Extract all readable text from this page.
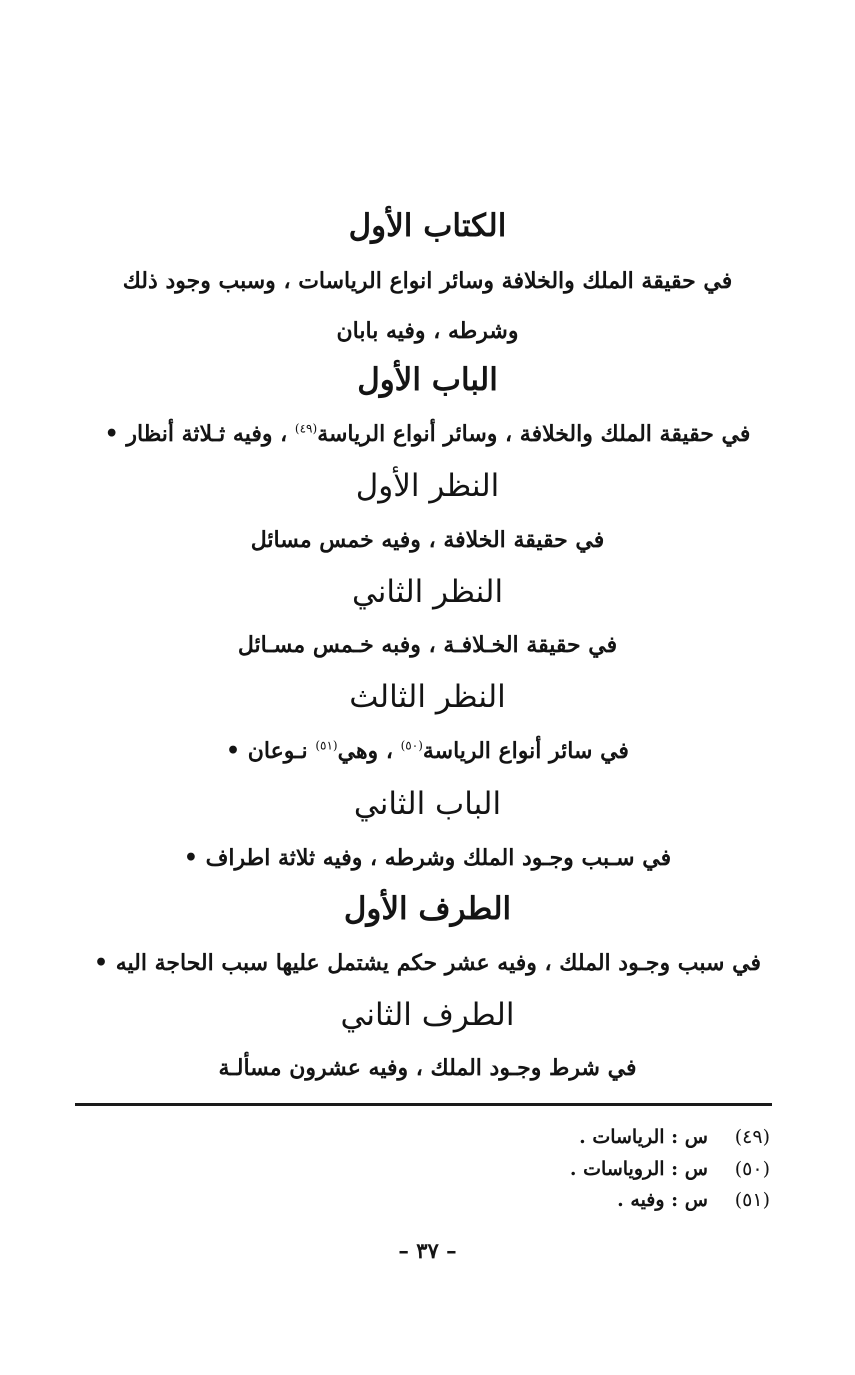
الكتاب الأول
في حقيقة الملك والخلافة وسائر انواع الرياسات ، وسبب وجود ذلك
وشرطه ، وفيه بابان
الباب الأول
في حقيقة الملك والخلافة ، وسائر أنواع الرياسة$^{(٤٩)}$ ، وفيه ثـلاثة أنظار •
النظر الأول
في حقيقة الخلافة ، وفيه خمس مسائل
النظر الثاني
في حقيقة الخـلافـة ، وفبه خـمس مسـائل
النظر الثالث
في سائر أنواع الرياسة$^{(٥٠)}$ ، وهي$^{(٥١)}$ نـوعان •
الباب الثاني
في سـبب وجـود الملك وشرطه ، وفيه ثلاثة اطراف •
الطرف الأول
في سبب وجـود الملك ، وفيه عشر حكم يشتمل عليها سبب الحاجة اليه •
الطرف الثاني
في شرط وجـود الملك ، وفيه عشرون مسألـة
(٤٩)س : الرياسات .
(٥٠)س : الروياسات .
(٥١)س : وفيه .
– ٣٧ –
